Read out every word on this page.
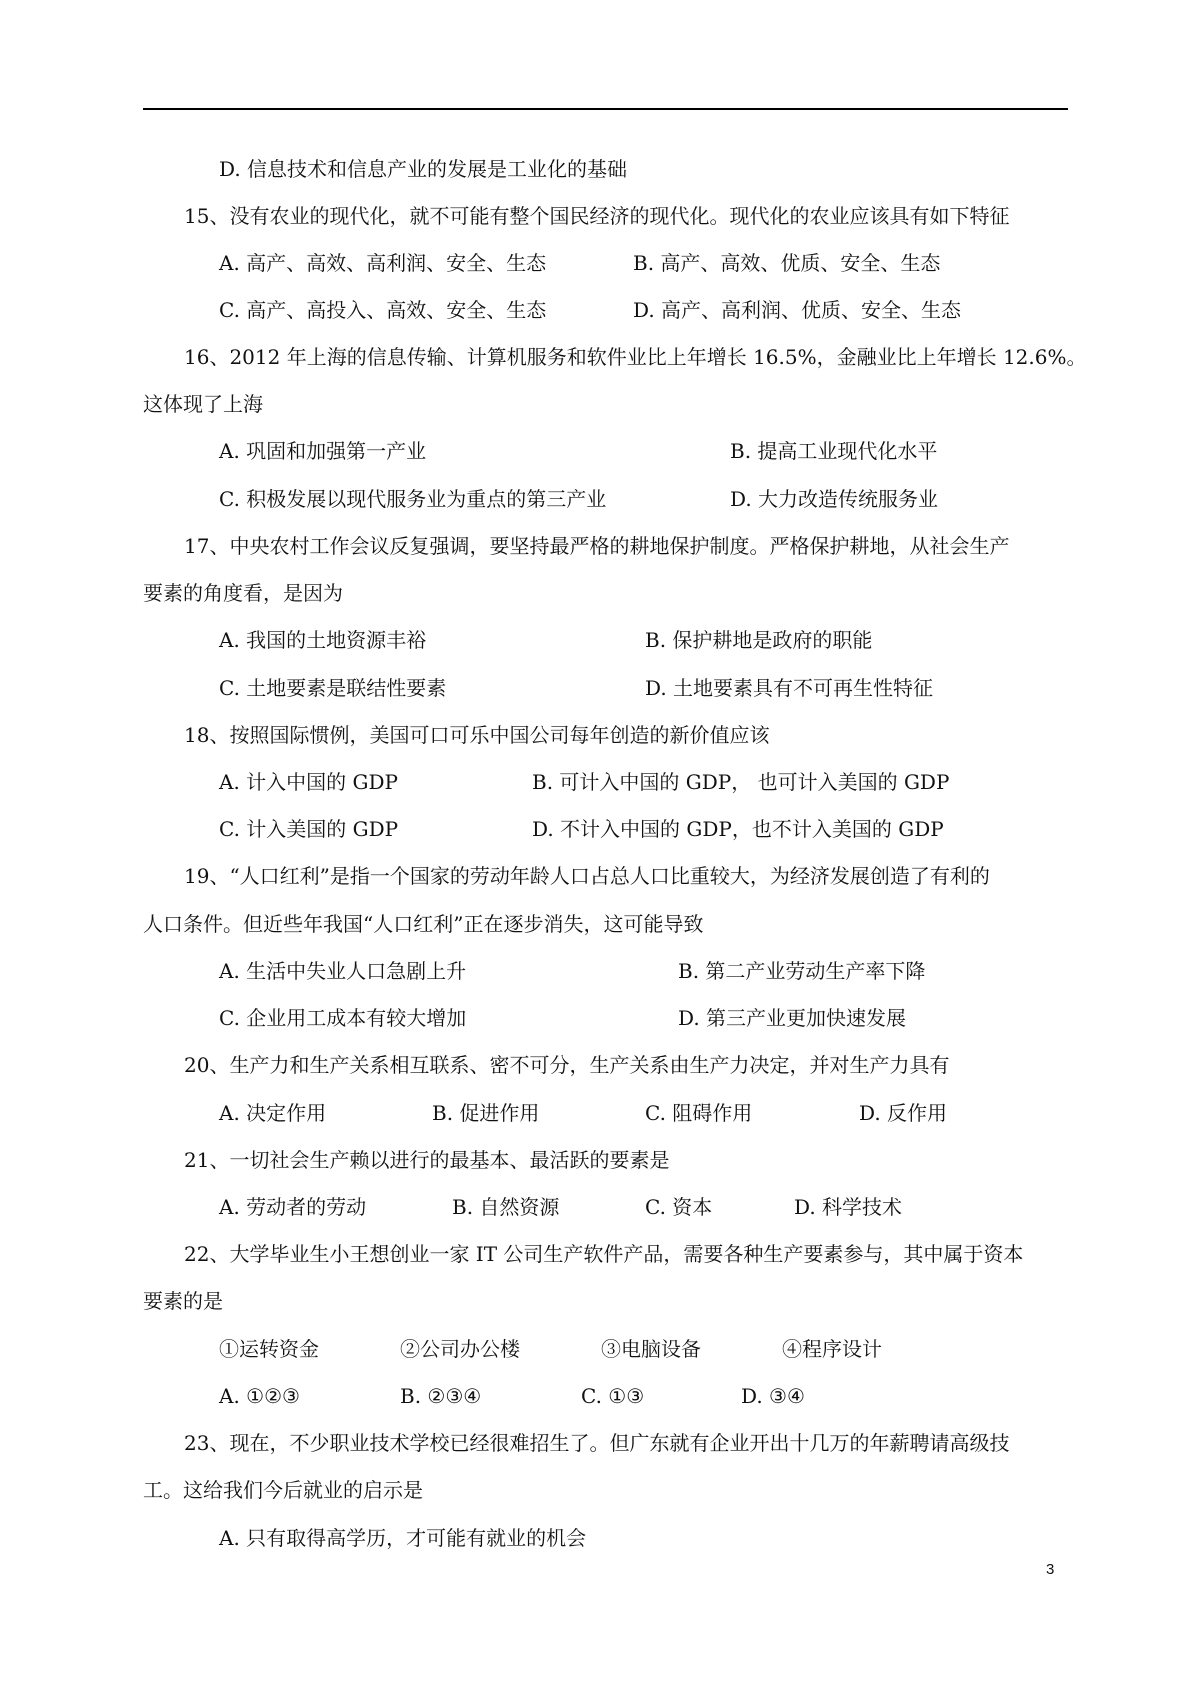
D. 信息技术和信息产业的发展是工业化的基础
15、没有农业的现代化，就不可能有整个国民经济的现代化。现代化的农业应该具有如下特征
A. 高产、高效、高利润、安全、生态	B. 高产、高效、优质、安全、生态
C. 高产、高投入、高效、安全、生态	D. 高产、高利润、优质、安全、生态
16、2012 年上海的信息传输、计算机服务和软件业比上年增长 16.5%，金融业比上年增长 12.6%。
这体现了上海
A. 巩固和加强第一产业	B. 提高工业现代化水平
C. 积极发展以现代服务业为重点的第三产业	D. 大力改造传统服务业
17、中央农村工作会议反复强调，要坚持最严格的耕地保护制度。严格保护耕地，从社会生产
要素的角度看，是因为
A. 我国的土地资源丰裕	B. 保护耕地是政府的职能
C. 土地要素是联结性要素	D. 土地要素具有不可再生性特征
18、按照国际惯例，美国可口可乐中国公司每年创造的新价值应该
A. 计入中国的 GDP	B. 可计入中国的 GDP， 也可计入美国的 GDP
C. 计入美国的 GDP	D. 不计入中国的 GDP，也不计入美国的 GDP
19、“人口红利”是指一个国家的劳动年龄人口占总人口比重较大，为经济发展创造了有利的
人口条件。但近些年我国“人口红利”正在逐步消失，这可能导致
A. 生活中失业人口急剧上升	B. 第二产业劳动生产率下降
C. 企业用工成本有较大增加	D. 第三产业更加快速发展
20、生产力和生产关系相互联系、密不可分，生产关系由生产力决定，并对生产力具有
A. 决定作用	B. 促进作用	C. 阻碍作用	D. 反作用
21、一切社会生产赖以进行的最基本、最活跃的要素是
A. 劳动者的劳动	B. 自然资源	C. 资本	D. 科学技术
22、大学毕业生小王想创业一家 IT 公司生产软件产品，需要各种生产要素参与，其中属于资本
要素的是
①运转资金	②公司办公楼	③电脑设备	④程序设计
A. ①②③	B. ②③④	C. ①③	D. ③④
23、现在，不少职业技术学校已经很难招生了。但广东就有企业开出十几万的年薪聘请高级技
工。这给我们今后就业的启示是
A. 只有取得高学历，才可能有就业的机会
3
